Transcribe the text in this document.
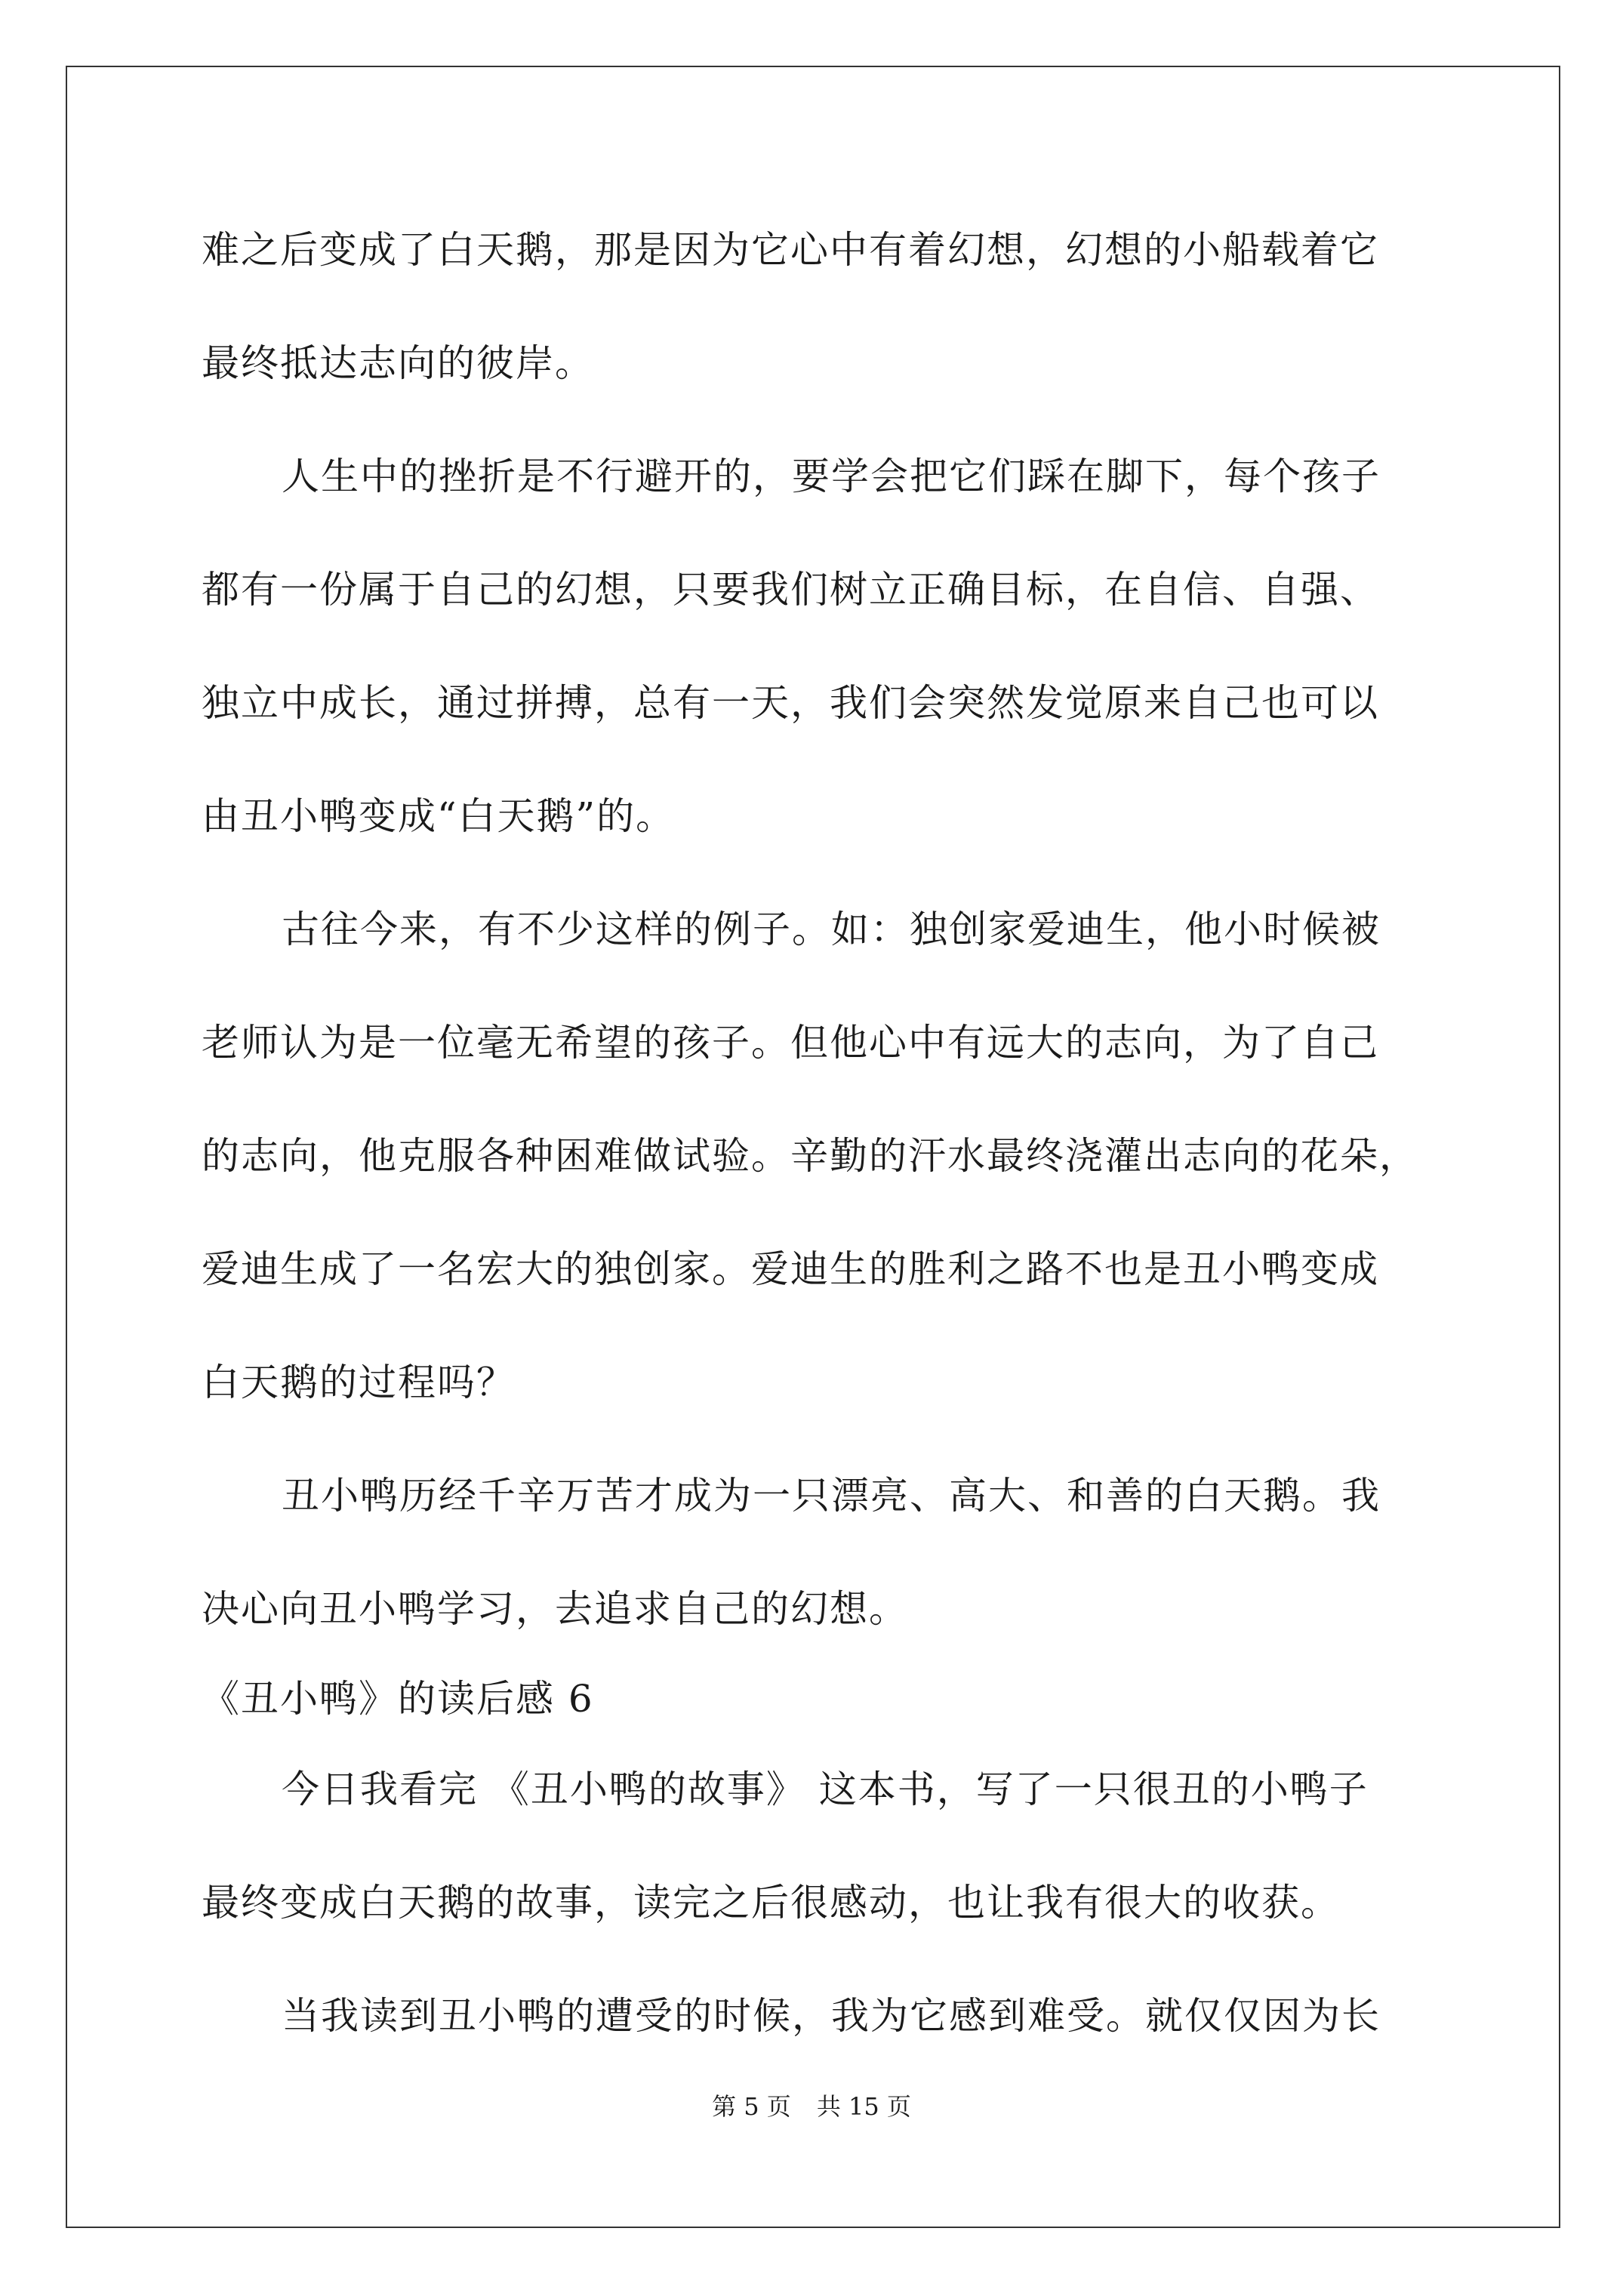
难之后变成了白天鹅，那是因为它心中有着幻想，幻想的小船载着它
最终抵达志向的彼岸。
人生中的挫折是不行避开的，要学会把它们踩在脚下，每个孩子
都有一份属于自己的幻想，只要我们树立正确目标，在自信、自强、
独立中成长，通过拼搏，总有一天，我们会突然发觉原来自己也可以
由丑小鸭变成“白天鹅”的。
古往今来，有不少这样的例子。如：独创家爱迪生，他小时候被
老师认为是一位毫无希望的孩子。但他心中有远大的志向，为了自己
的志向，他克服各种困难做试验。辛勤的汗水最终浇灌出志向的花朵，
爱迪生成了一名宏大的独创家。爱迪生的胜利之路不也是丑小鸭变成
白天鹅的过程吗？
丑小鸭历经千辛万苦才成为一只漂亮、高大、和善的白天鹅。我
决心向丑小鸭学习，去追求自己的幻想。
《丑小鸭》的读后感 6
今日我看完 《丑小鸭的故事》 这本书，写了一只很丑的小鸭子
最终变成白天鹅的故事，读完之后很感动，也让我有很大的收获。
当我读到丑小鸭的遭受的时候，我为它感到难受。就仅仅因为长
第 5 页 共 15 页
